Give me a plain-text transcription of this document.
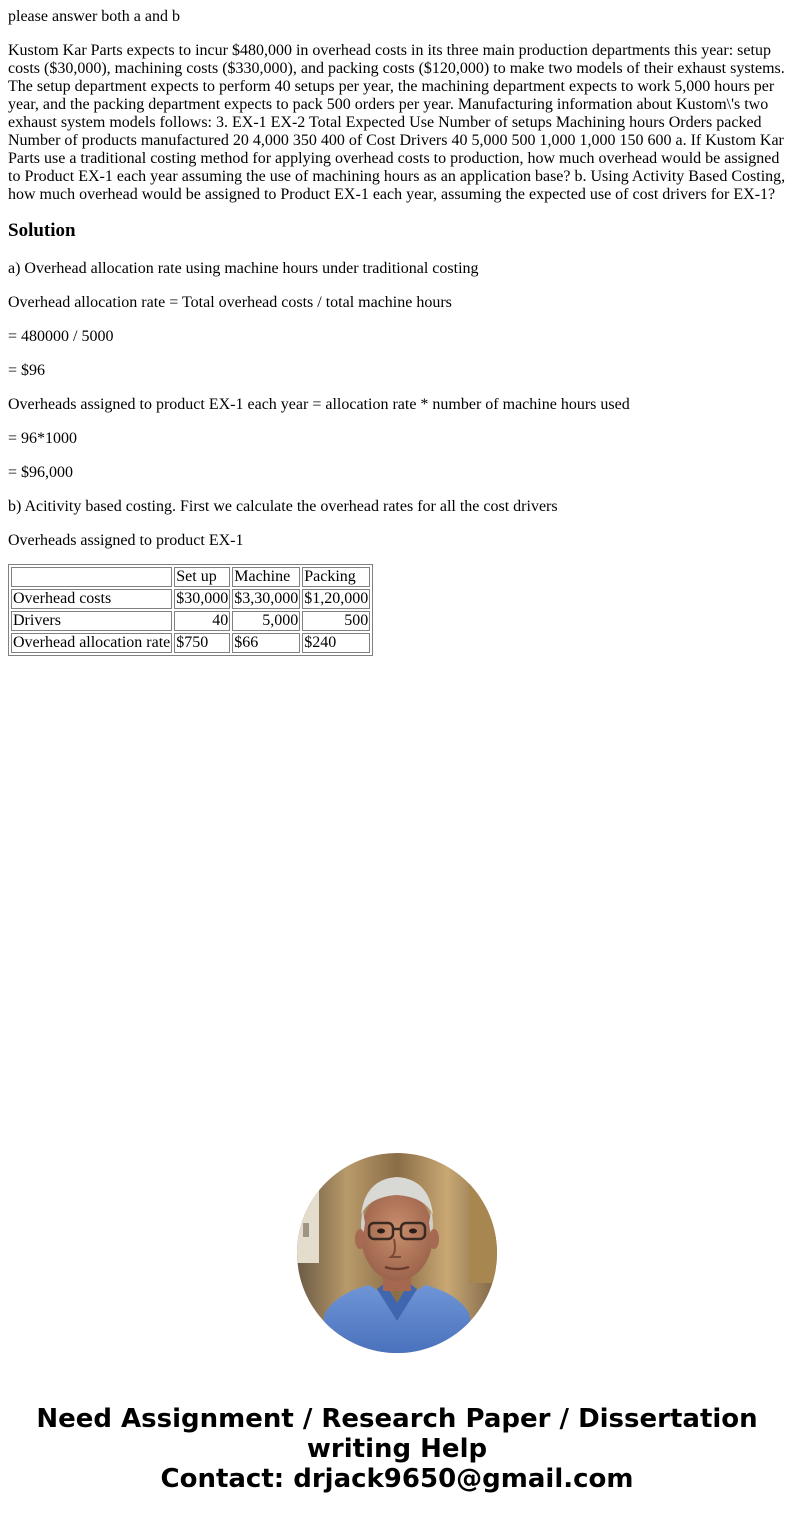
please answer both a and b

Kustom Kar Parts expects to incur $480,000 in overhead costs in its three main production departments this year: setup costs ($30,000), machining costs ($330,000), and packing costs ($120,000) to make two models of their exhaust systems. The setup department expects to perform 40 setups per year, the machining department expects to work 5,000 hours per year, and the packing department expects to pack 500 orders per year. Manufacturing information about Kustom\'s two exhaust system models follows: 3. EX-1 EX-2 Total Expected Use Number of setups Machining hours Orders packed Number of products manufactured 20 4,000 350 400 of Cost Drivers 40 5,000 500 1,000 1,000 150 600 a. If Kustom Kar Parts use a traditional costing method for applying overhead costs to production, how much overhead would be assigned to Product EX-1 each year assuming the use of machining hours as an application base? b. Using Activity Based Costing, how much overhead would be assigned to Product EX-1 each year, assuming the expected use of cost drivers for EX-1?

Solution

a) Overhead allocation rate using machine hours under traditional costing

Overhead allocation rate = Total overhead costs / total machine hours

= 480000 / 5000

= $96

Overheads assigned to product EX-1 each year = allocation rate * number of machine hours used

= 96*1000

= $96,000

b) Acitivity based costing. First we calculate the overhead rates for all the cost drivers

Overheads assigned to product EX-1

	Set up	Machine	Packing
Overhead costs	$30,000	$3,30,000	$1,20,000
Drivers	40	5,000	500
Overhead allocation rate	$750	$66	$240
Need Assignment / Research Paper / Dissertation
writing Help
Contact: drjack9650@gmail.com
